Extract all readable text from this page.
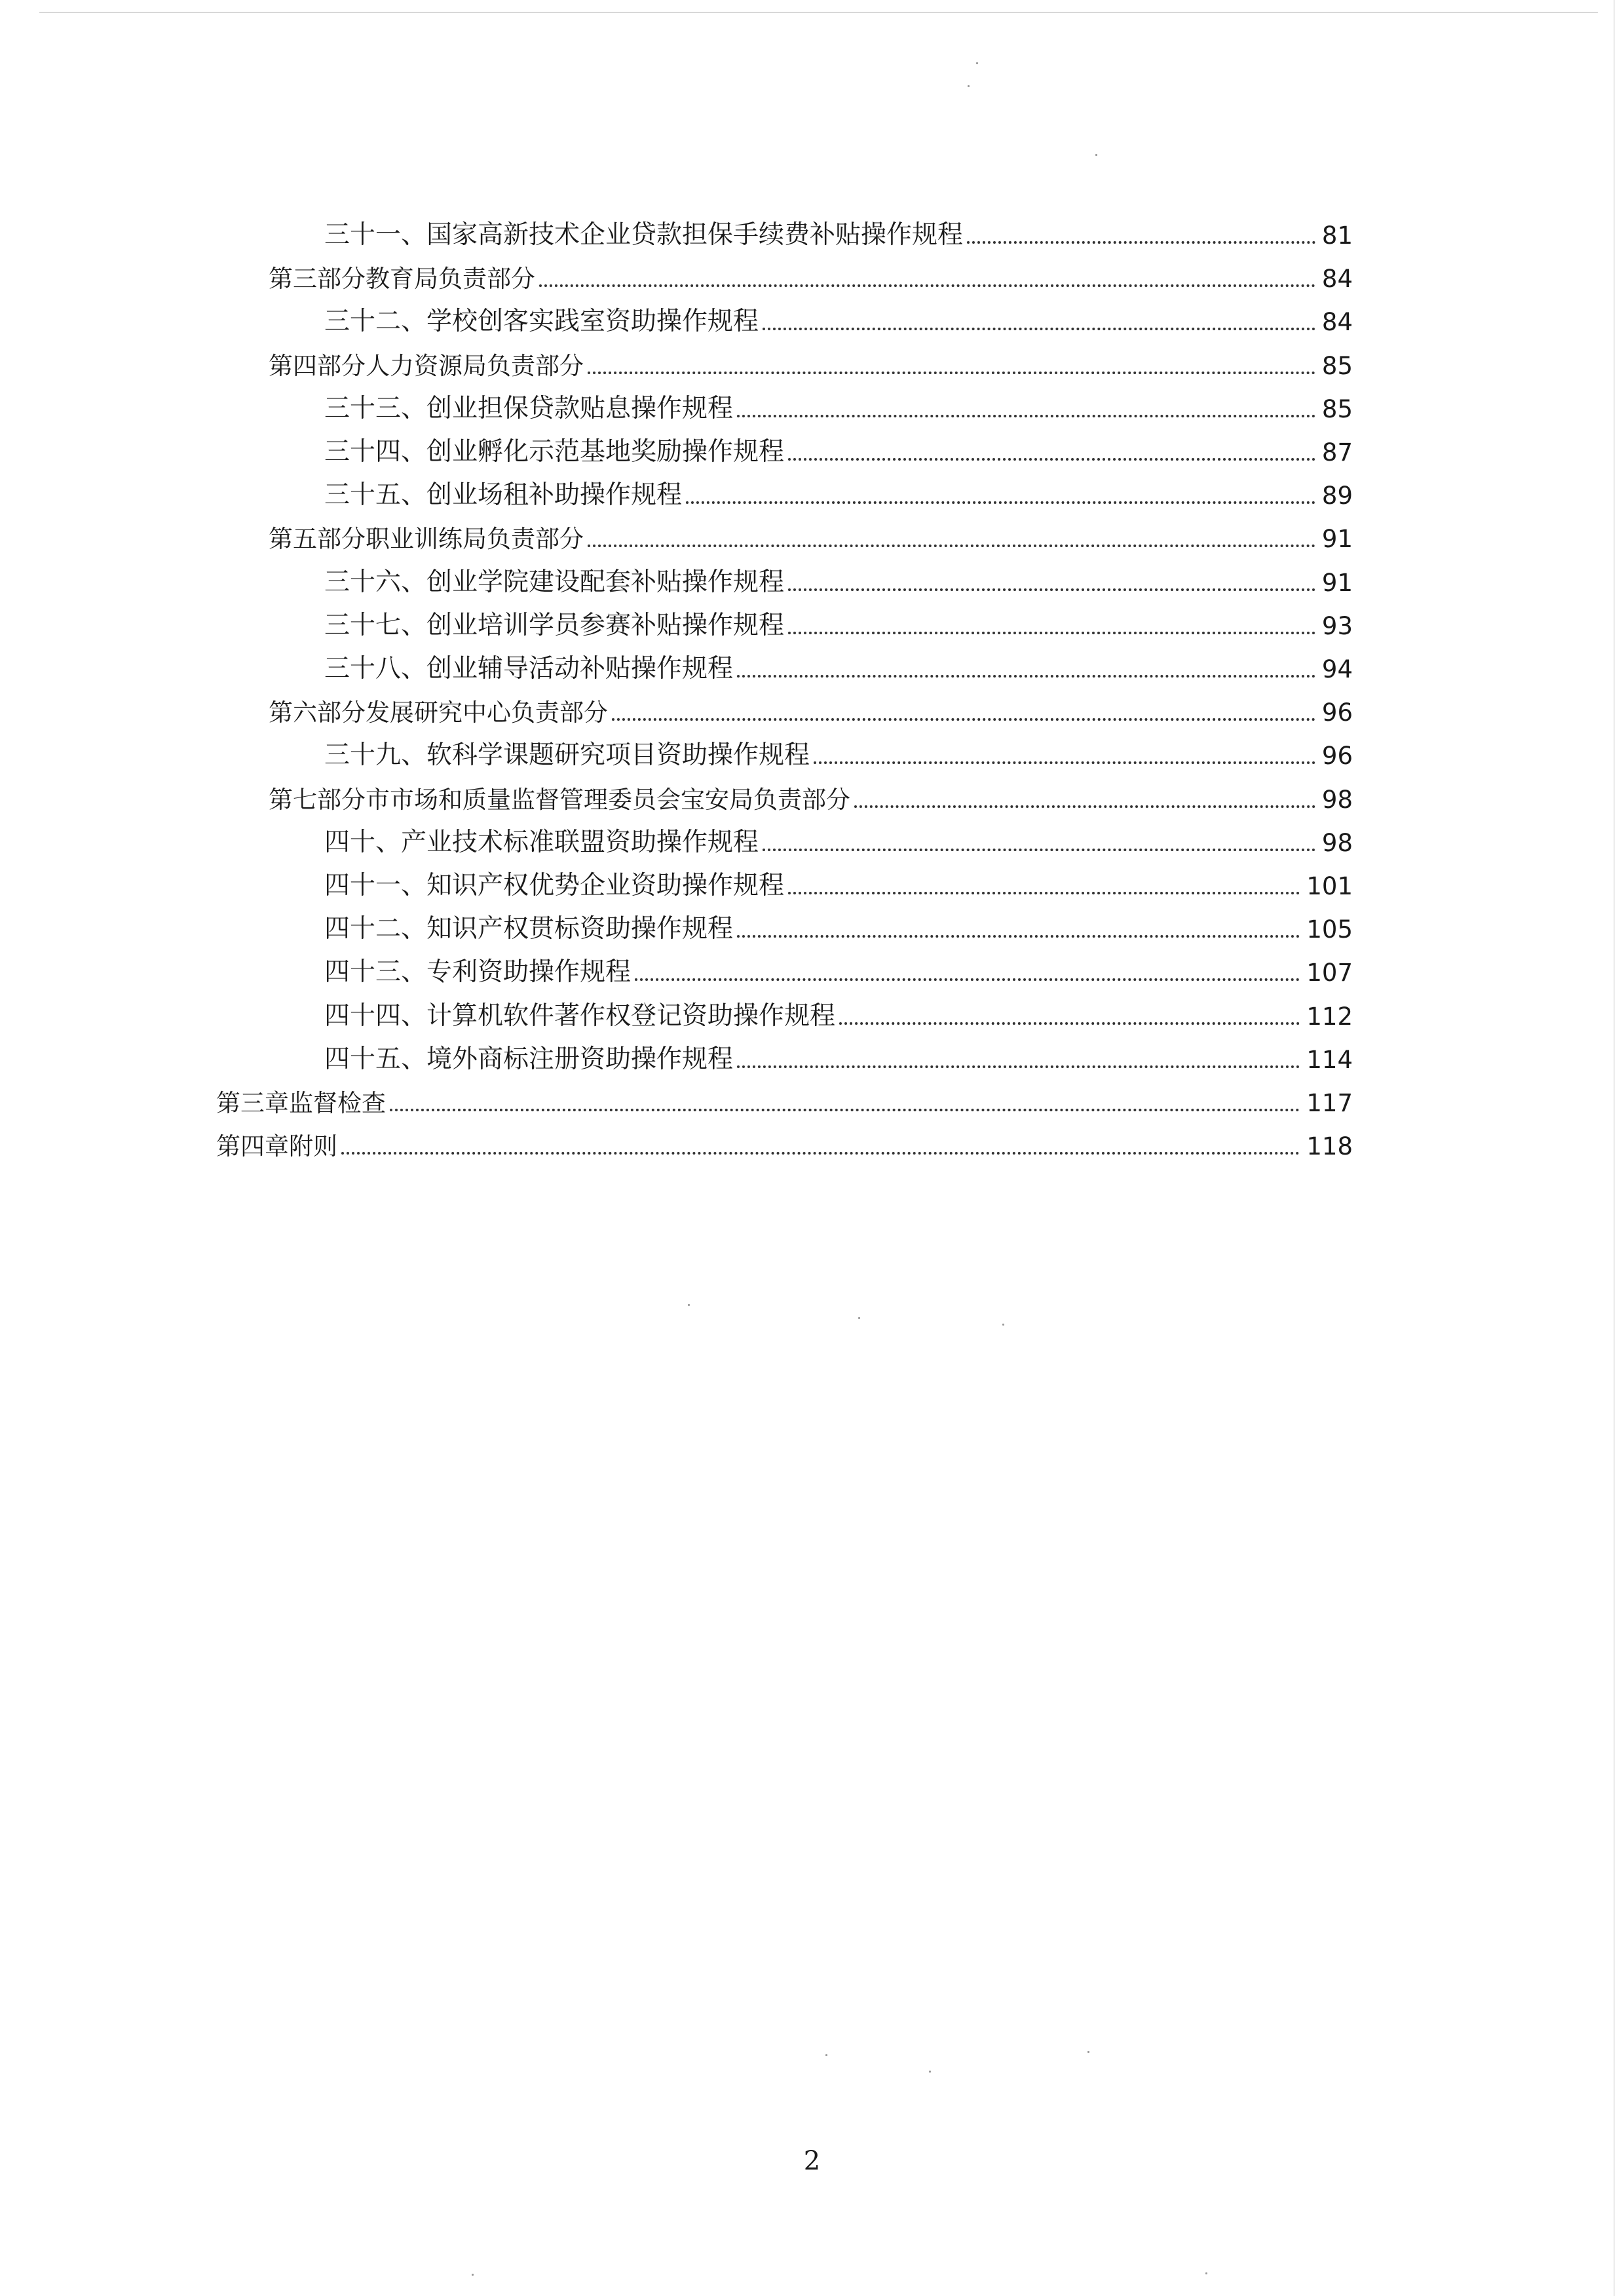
三十一、国家高新技术企业贷款担保手续费补贴操作规程	81
第三部分教育局负责部分	84
三十二、学校创客实践室资助操作规程	84
第四部分人力资源局负责部分	85
三十三、创业担保贷款贴息操作规程	85
三十四、创业孵化示范基地奖励操作规程	87
三十五、创业场租补助操作规程	89
第五部分职业训练局负责部分	91
三十六、创业学院建设配套补贴操作规程	91
三十七、创业培训学员参赛补贴操作规程	93
三十八、创业辅导活动补贴操作规程	94
第六部分发展研究中心负责部分	96
三十九、软科学课题研究项目资助操作规程	96
第七部分市市场和质量监督管理委员会宝安局负责部分	98
四十、产业技术标准联盟资助操作规程	98
四十一、知识产权优势企业资助操作规程	101
四十二、知识产权贯标资助操作规程	105
四十三、专利资助操作规程	107
四十四、计算机软件著作权登记资助操作规程	112
四十五、境外商标注册资助操作规程	114
第三章监督检查	117
第四章附则	118
2
